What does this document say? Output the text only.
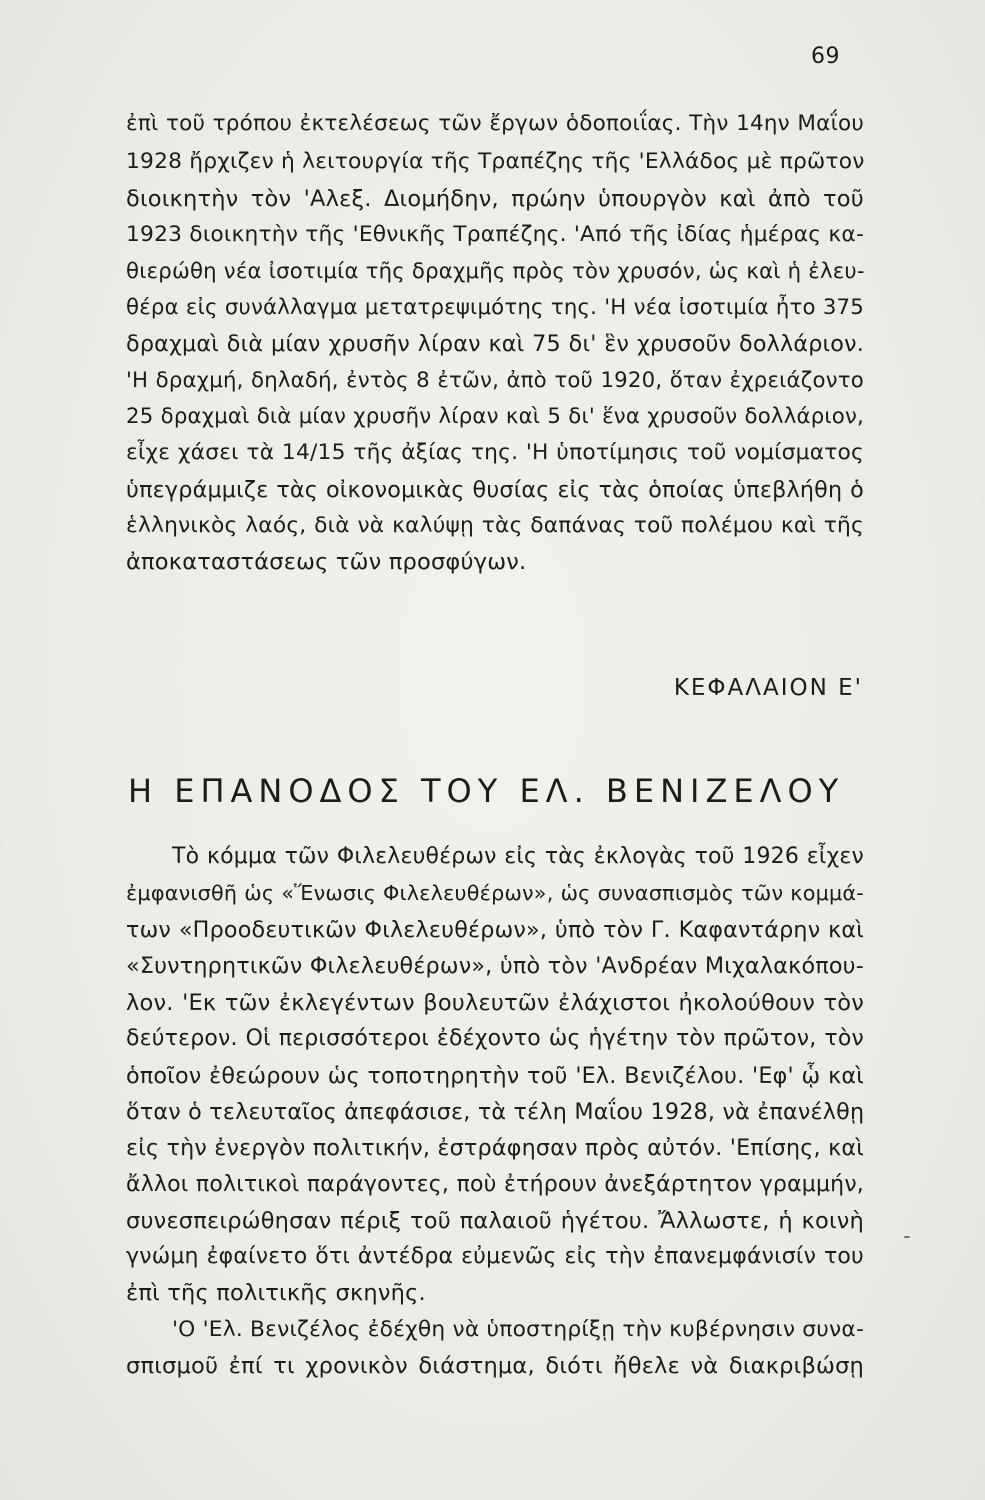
69
ἐπὶ τοῦ τρόπου ἐκτελέσεως τῶν ἔργων ὁδοποιΐας. Τὴν 14ην Μαΐου
1928 ἤρχιζεν ἡ λειτουργία τῆς Τραπέζης τῆς 'Ελλάδος μὲ πρῶτον
διοικητὴν τὸν 'Αλεξ. Διομήδην, πρώην ὑπουργὸν καὶ ἀπὸ τοῦ
1923 διοικητὴν τῆς 'Εθνικῆς Τραπέζης. 'Από τῆς ἰδίας ἡμέρας κα-
θιερώθη νέα ἰσοτιμία τῆς δραχμῆς πρὸς τὸν χρυσόν, ὡς καὶ ἡ ἐλευ-
θέρα εἰς συνάλλαγμα μετατρεψιμότης της. 'Η νέα ἰσοτιμία ἦτο 375
δραχμαὶ διὰ μίαν χρυσῆν λίραν καὶ 75 δι' ἓν χρυσοῦν δολλάριον.
'Η δραχμή, δηλαδή, ἐντὸς 8 ἐτῶν, ἀπὸ τοῦ 1920, ὅταν ἐχρειάζοντο
25 δραχμαὶ διὰ μίαν χρυσῆν λίραν καὶ 5 δι' ἕνα χρυσοῦν δολλάριον,
εἶχε χάσει τὰ 14/15 τῆς ἀξίας της. 'Η ὑποτίμησις τοῦ νομίσματος
ὑπεγράμμιζε τὰς οἰκονομικὰς θυσίας εἰς τὰς ὁποίας ὑπεβλήθη ὁ
ἑλληνικὸς λαός, διὰ νὰ καλύψῃ τὰς δαπάνας τοῦ πολέμου καὶ τῆς
ἀποκαταστάσεως τῶν προσφύγων.
ΚΕΦΑΛΑΙΟΝ Ε'
Η ΕΠΑΝΟΔΟΣ ΤΟΥ ΕΛ. ΒΕΝΙΖΕΛΟΥ
Τὸ κόμμα τῶν Φιλελευθέρων εἰς τὰς ἐκλογὰς τοῦ 1926 εἶχεν
ἐμφανισθῆ ὡς «Ἕνωσις Φιλελευθέρων», ὡς συνασπισμὸς τῶν κομμά-
των «Προοδευτικῶν Φιλελευθέρων», ὑπὸ τὸν Γ. Καφαντάρην καὶ
«Συντηρητικῶν Φιλελευθέρων», ὑπὸ τὸν 'Ανδρέαν Μιχαλακόπου-
λον. 'Εκ τῶν ἐκλεγέντων βουλευτῶν ἐλάχιστοι ἠκολούθουν τὸν
δεύτερον. Οἱ περισσότεροι ἐδέχοντο ὡς ἡγέτην τὸν πρῶτον, τὸν
ὁποῖον ἐθεώρουν ὡς τοποτηρητὴν τοῦ 'Ελ. Βενιζέλου. 'Εφ' ᾧ καὶ
ὅταν ὁ τελευταῖος ἀπεφάσισε, τὰ τέλη Μαΐου 1928, νὰ ἐπανέλθῃ
εἰς τὴν ἐνεργὸν πολιτικήν, ἐστράφησαν πρὸς αὐτόν. 'Επίσης, καὶ
ἄλλοι πολιτικοὶ παράγοντες, ποὺ ἐτήρουν ἀνεξάρτητον γραμμήν,
συνεσπειρώθησαν πέριξ τοῦ παλαιοῦ ἡγέτου. Ἄλλωστε, ἡ κοινὴ
γνώμη ἐφαίνετο ὅτι ἀντέδρα εὐμενῶς εἰς τὴν ἐπανεμφάνισίν του
ἐπὶ τῆς πολιτικῆς σκηνῆς.
'Ο 'Ελ. Βενιζέλος ἐδέχθη νὰ ὑποστηρίξῃ τὴν κυβέρνησιν συνα-
σπισμοῦ ἐπί τι χρονικὸν διάστημα, διότι ἤθελε νὰ διακριβώσῃ
